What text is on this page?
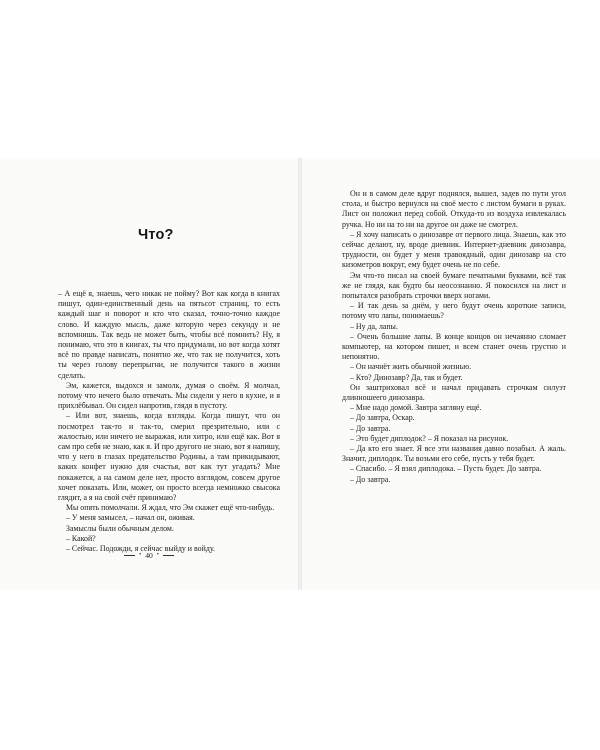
Что?

– А ещё я, знаешь, чего никак не пойму? Вот как когда в книгах пишут, один-единственный день на пятьсот страниц, то есть каждый шаг и поворот и кто что сказал, точно-точно каждое слово. И каждую мысль, даже которую через секунду и не вспомнишь. Так ведь не может быть, чтобы всё помнить? Ну, я понимаю, что это в книгах, ты что придумали, но вот когда хотят всё по правде написать, понятно же, что так не получится, хоть ты через голову перепрыгни, не получится такого в жизни сделать.

Эм, кажется, выдохся и замолк, думая о своём. Я молчал, потому что нечего было отвечать. Мы сидели у него в кухне, и я прихлёбывал. Он сидел напротив, глядя в пустоту.

– Или вот, знаешь, когда взгляды. Когда пишут, что он посмотрел так-то и так-то, смерил презрительно, или с жалостью, или ничего не выражая, или хитро, или ещё как. Вот я сам про себя не знаю, как я. И про другого не знаю, вот я напишу, что у него в глазах предательство Родины, а там прикидывают, каких конфет нужно для счастья, вот как тут угадать? Мне покажется, а на самом деле нет, просто взглядом, совсем другое хочет показать. Или, может, он просто всегда немножко свысока глядит, а я на свой счёт принимаю?

Мы опять помолчали. Я ждал, что Эм скажет ещё что-нибудь.

– У меня замысел, – начал он, оживая.

Замыслы были обычным делом.

– Какой?

– Сейчас. Подожди, я сейчас выйду и войду.

• 40 •

Он и в самом деле вдруг поднялся, вышел, задев по пути угол стола, и быстро вернулся на своё место с листом бумаги в руках. Лист он положил перед собой. Откуда-то из воздуха извлекалась ручка. Но ни на то ни на другое он даже не смотрел.

– Я хочу написать о динозавре от первого лица. Знаешь, как это сейчас делают, ну, вроде дневник. Интернет-дневник динозавра, трудности, он будет у меня травоядный, один динозавр на сто кизометров вокруг, ему будет очень не по себе.

Эм что-то писал на своей бумаге печатными буквами, всё так же не глядя, как будто бы неосознанно. Я покосился на лист и попытался разобрать строчки вверх ногами.

– И так день за днём, у него будут очень короткие записи, потому что лапы, понимаешь?

– Ну да, лапы.

– Очень большие лапы. В конце концов он нечаянно сломает компьютер, на котором пишет, и всем станет очень грустно и непонятно.

– Он начнёт жить обычной жизнью.

– Кто? Динозавр? Да, так и будет.

Он заштриховал всё и начал придавать строчкам силуэт длинношеего динозавра.

– Мне надо домой. Завтра загляну ещё.

– До завтра, Оскар.

– До завтра.

– Это будет диплодок? – Я показал на рисунок.

– Да кто его знает. Я все эти названия давно позабыл. А жаль. Значит, диплодок. Ты возьми его себе, пусть у тебя будет.

– Спасибо. – Я взял диплодока. – Пусть будет. До завтра.

– До завтра.
